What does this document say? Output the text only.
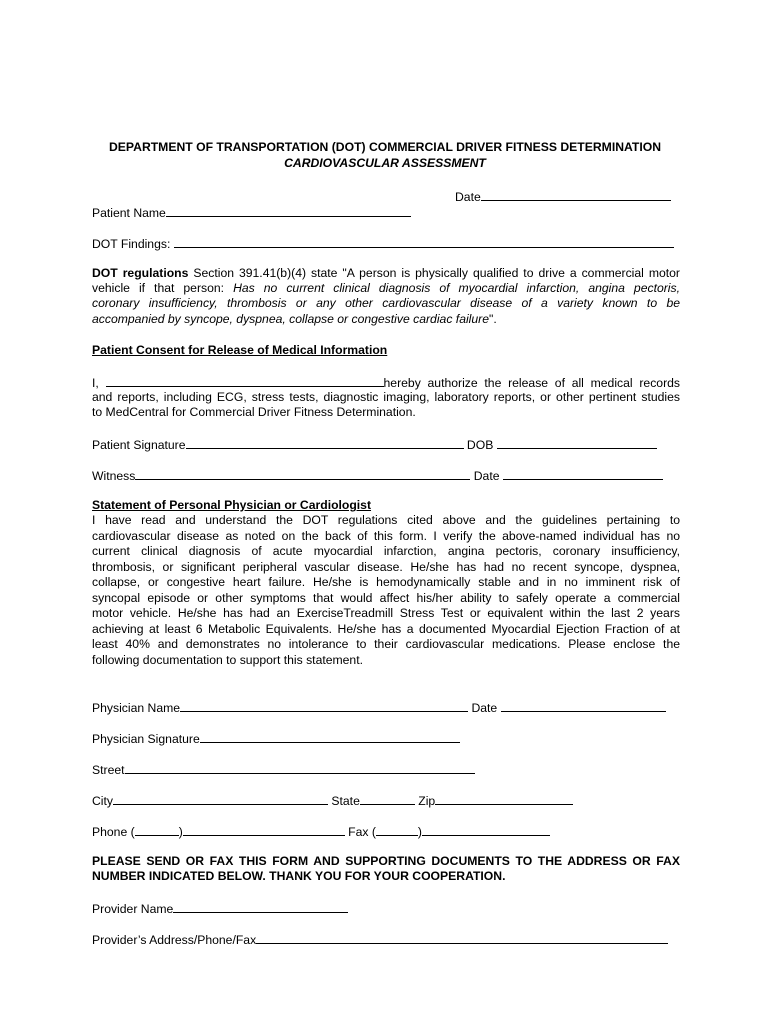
DEPARTMENT OF TRANSPORTATION (DOT) COMMERCIAL DRIVER FITNESS DETERMINATION
CARDIOVASCULAR ASSESSMENT
Date
Patient Name
DOT Findings:
DOT regulations Section 391.41(b)(4) state "A person is physically qualified to drive a commercial motor
vehicle if that person: Has no current clinical diagnosis of myocardial infarction, angina pectoris,
coronary insufficiency, thrombosis or any other cardiovascular disease of a variety known to be
accompanied by syncope, dyspnea, collapse or congestive cardiac failure".
Patient Consent for Release of Medical Information
I,	hereby authorize the release of all medical records
and reports, including ECG, stress tests, diagnostic imaging, laboratory reports, or other pertinent studies
to MedCentral for Commercial Driver Fitness Determination.
Patient Signature	DOB
Witness	Date
Statement of Personal Physician or Cardiologist
I have read and understand the DOT regulations cited above and the guidelines pertaining to
cardiovascular disease as noted on the back of this form. I verify the above-named individual has no
current clinical diagnosis of acute myocardial infarction, angina pectoris, coronary insufficiency,
thrombosis, or significant peripheral vascular disease. He/she has had no recent syncope, dyspnea,
collapse, or congestive heart failure. He/she is hemodynamically stable and in no imminent risk of
syncopal episode or other symptoms that would affect his/her ability to safely operate a commercial
motor vehicle. He/she has had an ExerciseTreadmill Stress Test or equivalent within the last 2 years
achieving at least 6 Metabolic Equivalents. He/she has a documented Myocardial Ejection Fraction of at
least 40% and demonstrates no intolerance to their cardiovascular medications. Please enclose the
following documentation to support this statement.
Physician Name	Date
Physician Signature
Street
City	State	Zip
Phone (	)	Fax (	)
PLEASE SEND OR FAX THIS FORM AND SUPPORTING DOCUMENTS TO THE ADDRESS OR FAX
NUMBER INDICATED BELOW. THANK YOU FOR YOUR COOPERATION.
Provider Name
Provider’s Address/Phone/Fax
